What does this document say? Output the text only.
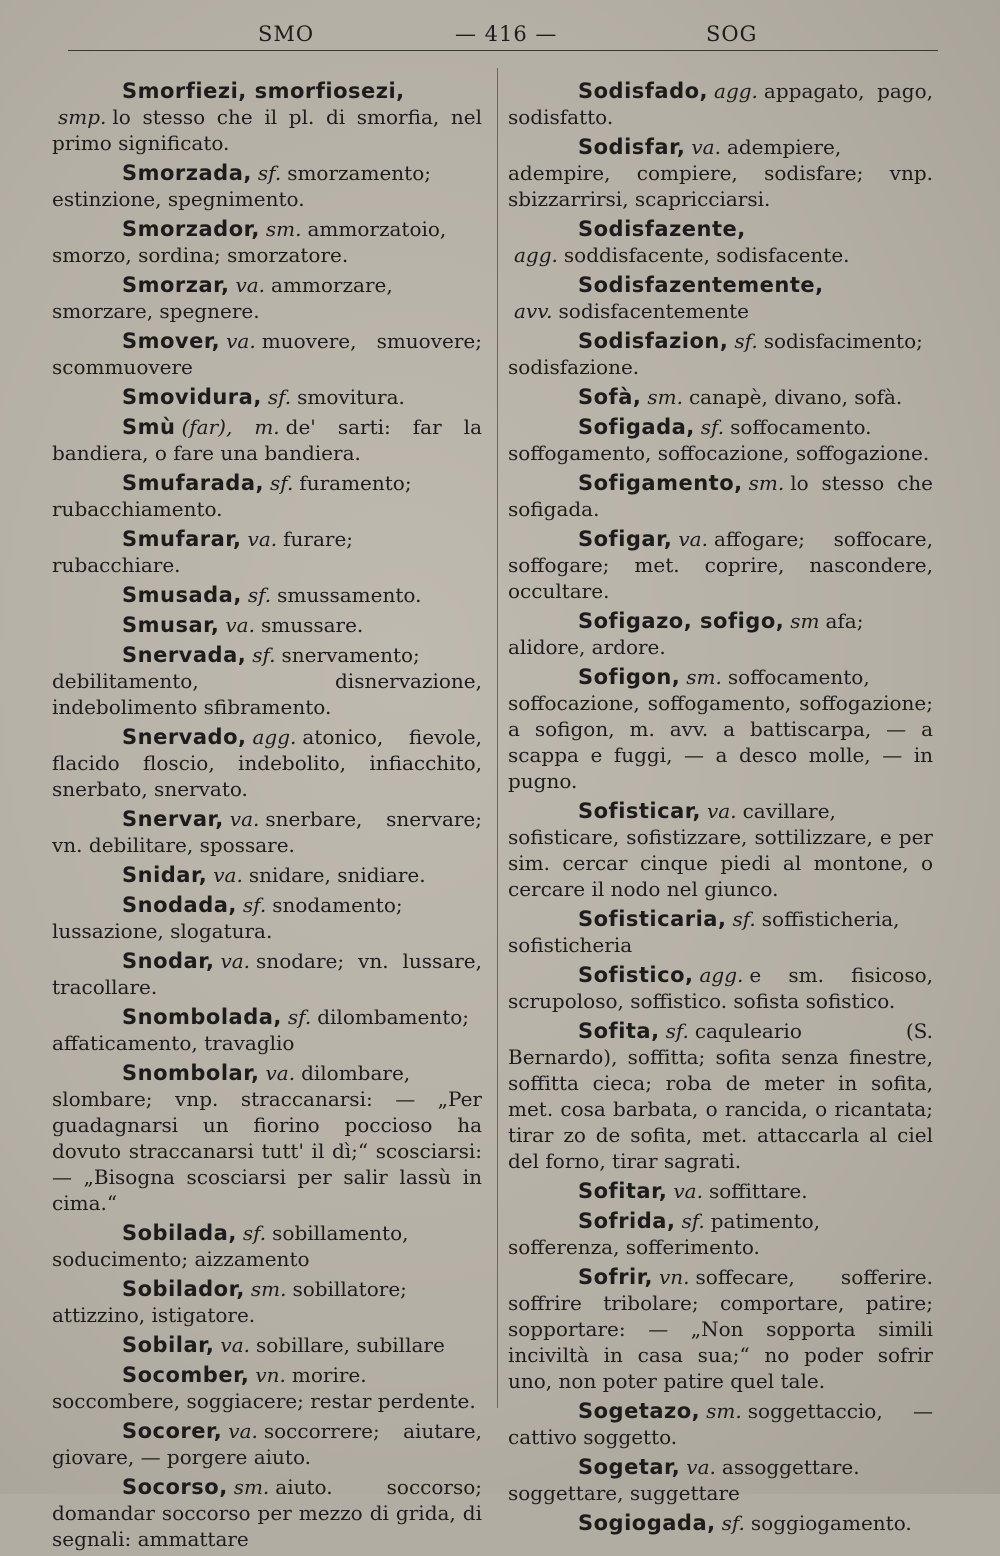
SMO	— 416 —	SOG

Smorfiezi, smorfiosezi,smp. lo stesso che il pl. di smorfia, nel primo significato.

Smorzada, sf. smorzamento; estinzione, spegnimento.

Smorzador, sm. ammorzatoio, smorzo, sordina; smorzatore.

Smorzar, va. ammorzare, smorzare, spegnere.

Smover, va. muovere, smuovere; scommuovere

Smovidura, sf. smovitura.

Smù (far), m. de' sarti: far la bandiera, o fare una bandiera.

Smufarada, sf. furamento; rubacchiamento.

Smufarar, va. furare; rubacchiare.

Smusada, sf. smussamento.

Smusar, va. smussare.

Snervada, sf. snervamento; debilitamento, disnervazione, indebolimento sfibramento.

Snervado, agg. atonico, fievole, flacido floscio, indebolito, infiacchito, snerbato, snervato.

Snervar, va. snerbare, snervare; vn. debilitare, spossare.

Snidar, va. snidare, snidiare.

Snodada, sf. snodamento; lussazione, slogatura.

Snodar, va. snodare; vn. lussare, tracollare.

Snombolada, sf. dilombamento; affaticamento, travaglio

Snombolar, va. dilombare, slombare; vnp. straccanarsi: — „Per guadagnarsi un fiorino poccioso ha dovuto straccanarsi tutt' il dì;“ scosciarsi: — „Bisogna scosciarsi per salir lassù in cima.“

Sobilada, sf. sobillamento, soducimento; aizzamento

Sobilador, sm. sobillatore; attizzino, istigatore.

Sobilar, va. sobillare, subillare

Socomber, vn. morire. soccombere, soggiacere; restar perdente.

Socorer, va. soccorrere; aiutare, giovare, — porgere aiuto.

Socorso, sm. aiuto. soccorso; domandar soccorso per mezzo di grida, di segnali: ammattare

Sodisfado, agg. appagato, pago, sodisfatto.

Sodisfar, va. adempiere, adempire, compiere, sodisfare; vnp. sbizzarrirsi, scapricciarsi.

Sodisfazente,agg. soddisfacente, sodisfacente.

Sodisfazentemente,avv. sodisfacentemente

Sodisfazion, sf. sodisfacimento; sodisfazione.

Sofà, sm. canapè, divano, sofà.

Sofigada, sf. soffocamento. soffogamento, soffocazione, soffogazione.

Sofigamento, sm. lo stesso che sofigada.

Sofigar, va. affogare; soffocare, soffogare; met. coprire, nascondere, occultare.

Sofigazo, sofigo, sm afa; alidore, ardore.

Sofigon, sm. soffocamento, soffocazione, soffogamento, soffogazione; a sofigon, m. avv. a battiscarpa, — a scappa e fuggi, — a desco molle, — in pugno.

Sofisticar, va. cavillare, sofisticare, sofistizzare, sottilizzare, e per sim. cercar cinque piedi al montone, o cercare il nodo nel giunco.

Sofisticaria, sf. soffisticheria, sofisticheria

Sofistico, agg. e sm. fisicoso, scrupoloso, soffistico. sofista sofistico.

Sofita, sf. caquleario (S. Bernardo), soffitta; sofita senza finestre, soffitta cieca; roba de meter in sofita, met. cosa barbata, o rancida, o ricantata; tirar zo de sofita, met. attaccarla al ciel del forno, tirar sagrati.

Sofitar, va. soffittare.

Sofrida, sf. patimento, sofferenza, sofferimento.

Sofrir, vn. soffecare, sofferire. soffrire tribolare; comportare, patire; sopportare: — „Non sopporta simili inciviltà in casa sua;“ no poder sofrir uno, non poter patire quel tale.

Sogetazo, sm. soggettaccio, — cattivo soggetto.

Sogetar, va. assoggettare. soggettare, suggettare

Sogiogada, sf. soggiogamento.
